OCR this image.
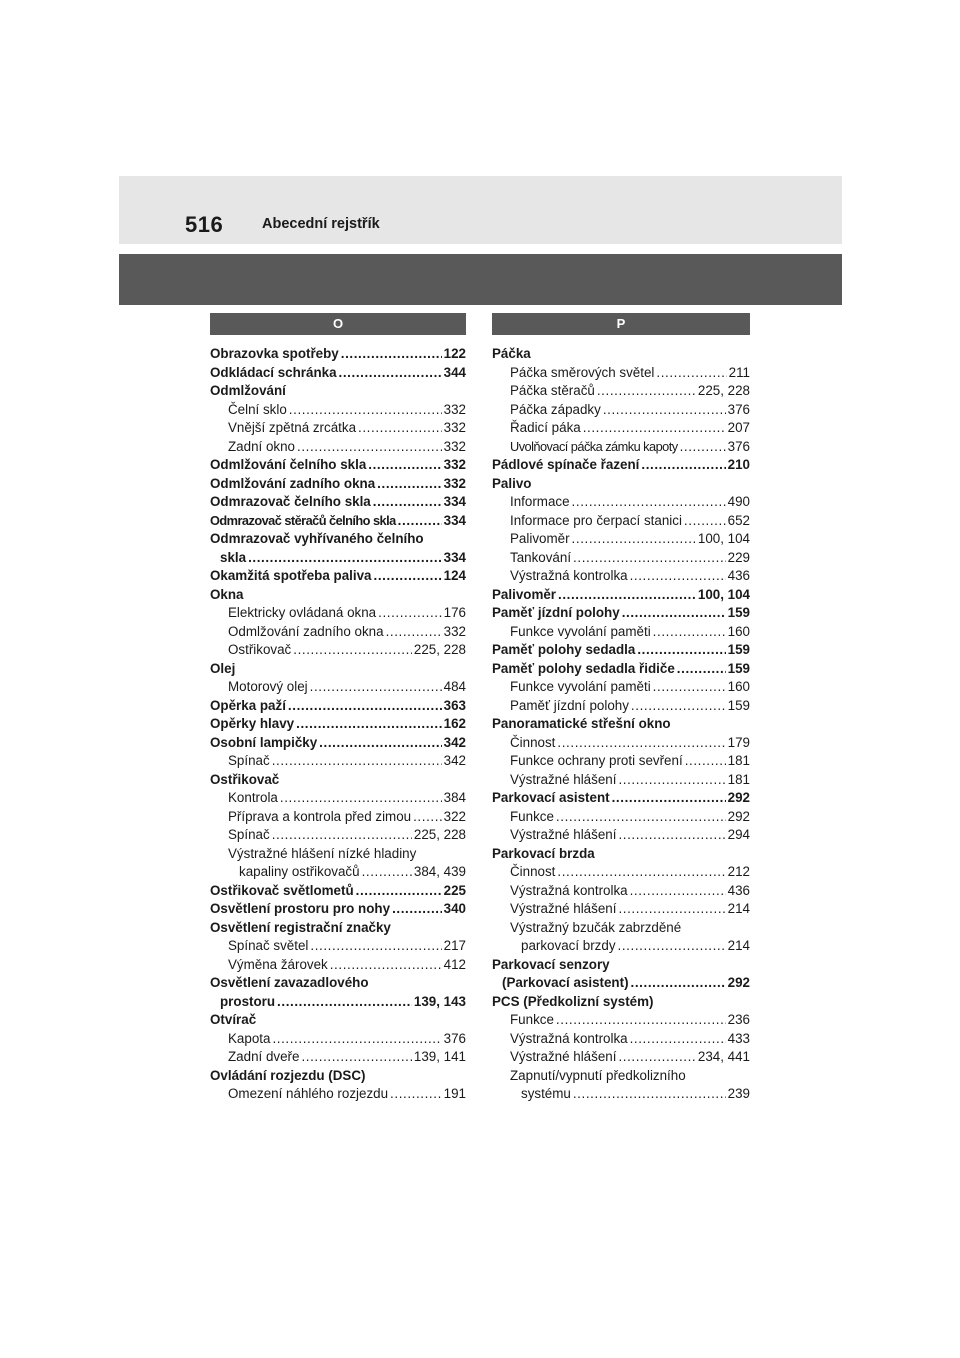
516	Abecední rejstřík
O
Obrazovka spotřeby .....	122
Odkládací schránka .....	344
Odmlžování
Čelní sklo .....	332
Vnější zpětná zrcátka .....	332
Zadní okno .....	332
Odmlžování čelního skla .....	332
Odmlžování zadního okna .....	332
Odmrazovač čelního skla .....	334
Odmrazovač stěračů čelního skla .....	334
Odmrazovač vyhřívaného čelního
skla .....	334
Okamžitá spotřeba paliva .....	124
Okna
Elektricky ovládaná okna .....	176
Odmlžování zadního okna .....	332
Ostřikovač .....	225, 228
Olej
Motorový olej .....	484
Opěrka paží .....	363
Opěrky hlavy .....	162
Osobní lampičky .....	342
Spínač .....	342
Ostřikovač
Kontrola .....	384
Příprava a kontrola před zimou ..... 322
Spínač .....	225, 228
Výstražné hlášení nízké hladiny
kapaliny ostřikovačů .....	384, 439
Ostřikovač světlometů .....	225
Osvětlení prostoru pro nohy .....	340
Osvětlení registrační značky
Spínač světel .....	217
Výměna žárovek .....	412
Osvětlení zavazadlového
prostoru .....	139, 143
Otvírač
Kapota .....	376
Zadní dveře .....	139, 141
Ovládání rozjezdu (DSC)
Omezení náhlého rozjezdu .....	191
P
Páčka
Páčka směrových světel .....	211
Páčka stěračů .....	225, 228
Páčka západky .....	376
Řadicí páka .....	207
Uvolňovací páčka zámku kapoty .....	376
Pádlové spínače řazení .....	210
Palivo
Informace .....	490
Informace pro čerpací stanici .....	652
Palivoměr .....	100, 104
Tankování .....	229
Výstražná kontrolka .....	436
Palivoměr .....	100, 104
Paměť jízdní polohy .....	159
Funkce vyvolání paměti .....	160
Paměť polohy sedadla .....	159
Paměť polohy sedadla řidiče .....	159
Funkce vyvolání paměti .....	160
Paměť jízdní polohy .....	159
Panoramatické střešní okno
Činnost .....	179
Funkce ochrany proti sevření .....	181
Výstražné hlášení .....	181
Parkovací asistent .....	292
Funkce .....	292
Výstražné hlášení .....	294
Parkovací brzda
Činnost .....	212
Výstražná kontrolka .....	436
Výstražné hlášení .....	214
Výstražný bzučák zabrzděné
parkovací brzdy .....	214
Parkovací senzory
(Parkovací asistent) .....	292
PCS (Předkolizní systém)
Funkce .....	236
Výstražná kontrolka .....	433
Výstražné hlášení .....	234, 441
Zapnutí/vypnutí předkolizního
systému .....	239
